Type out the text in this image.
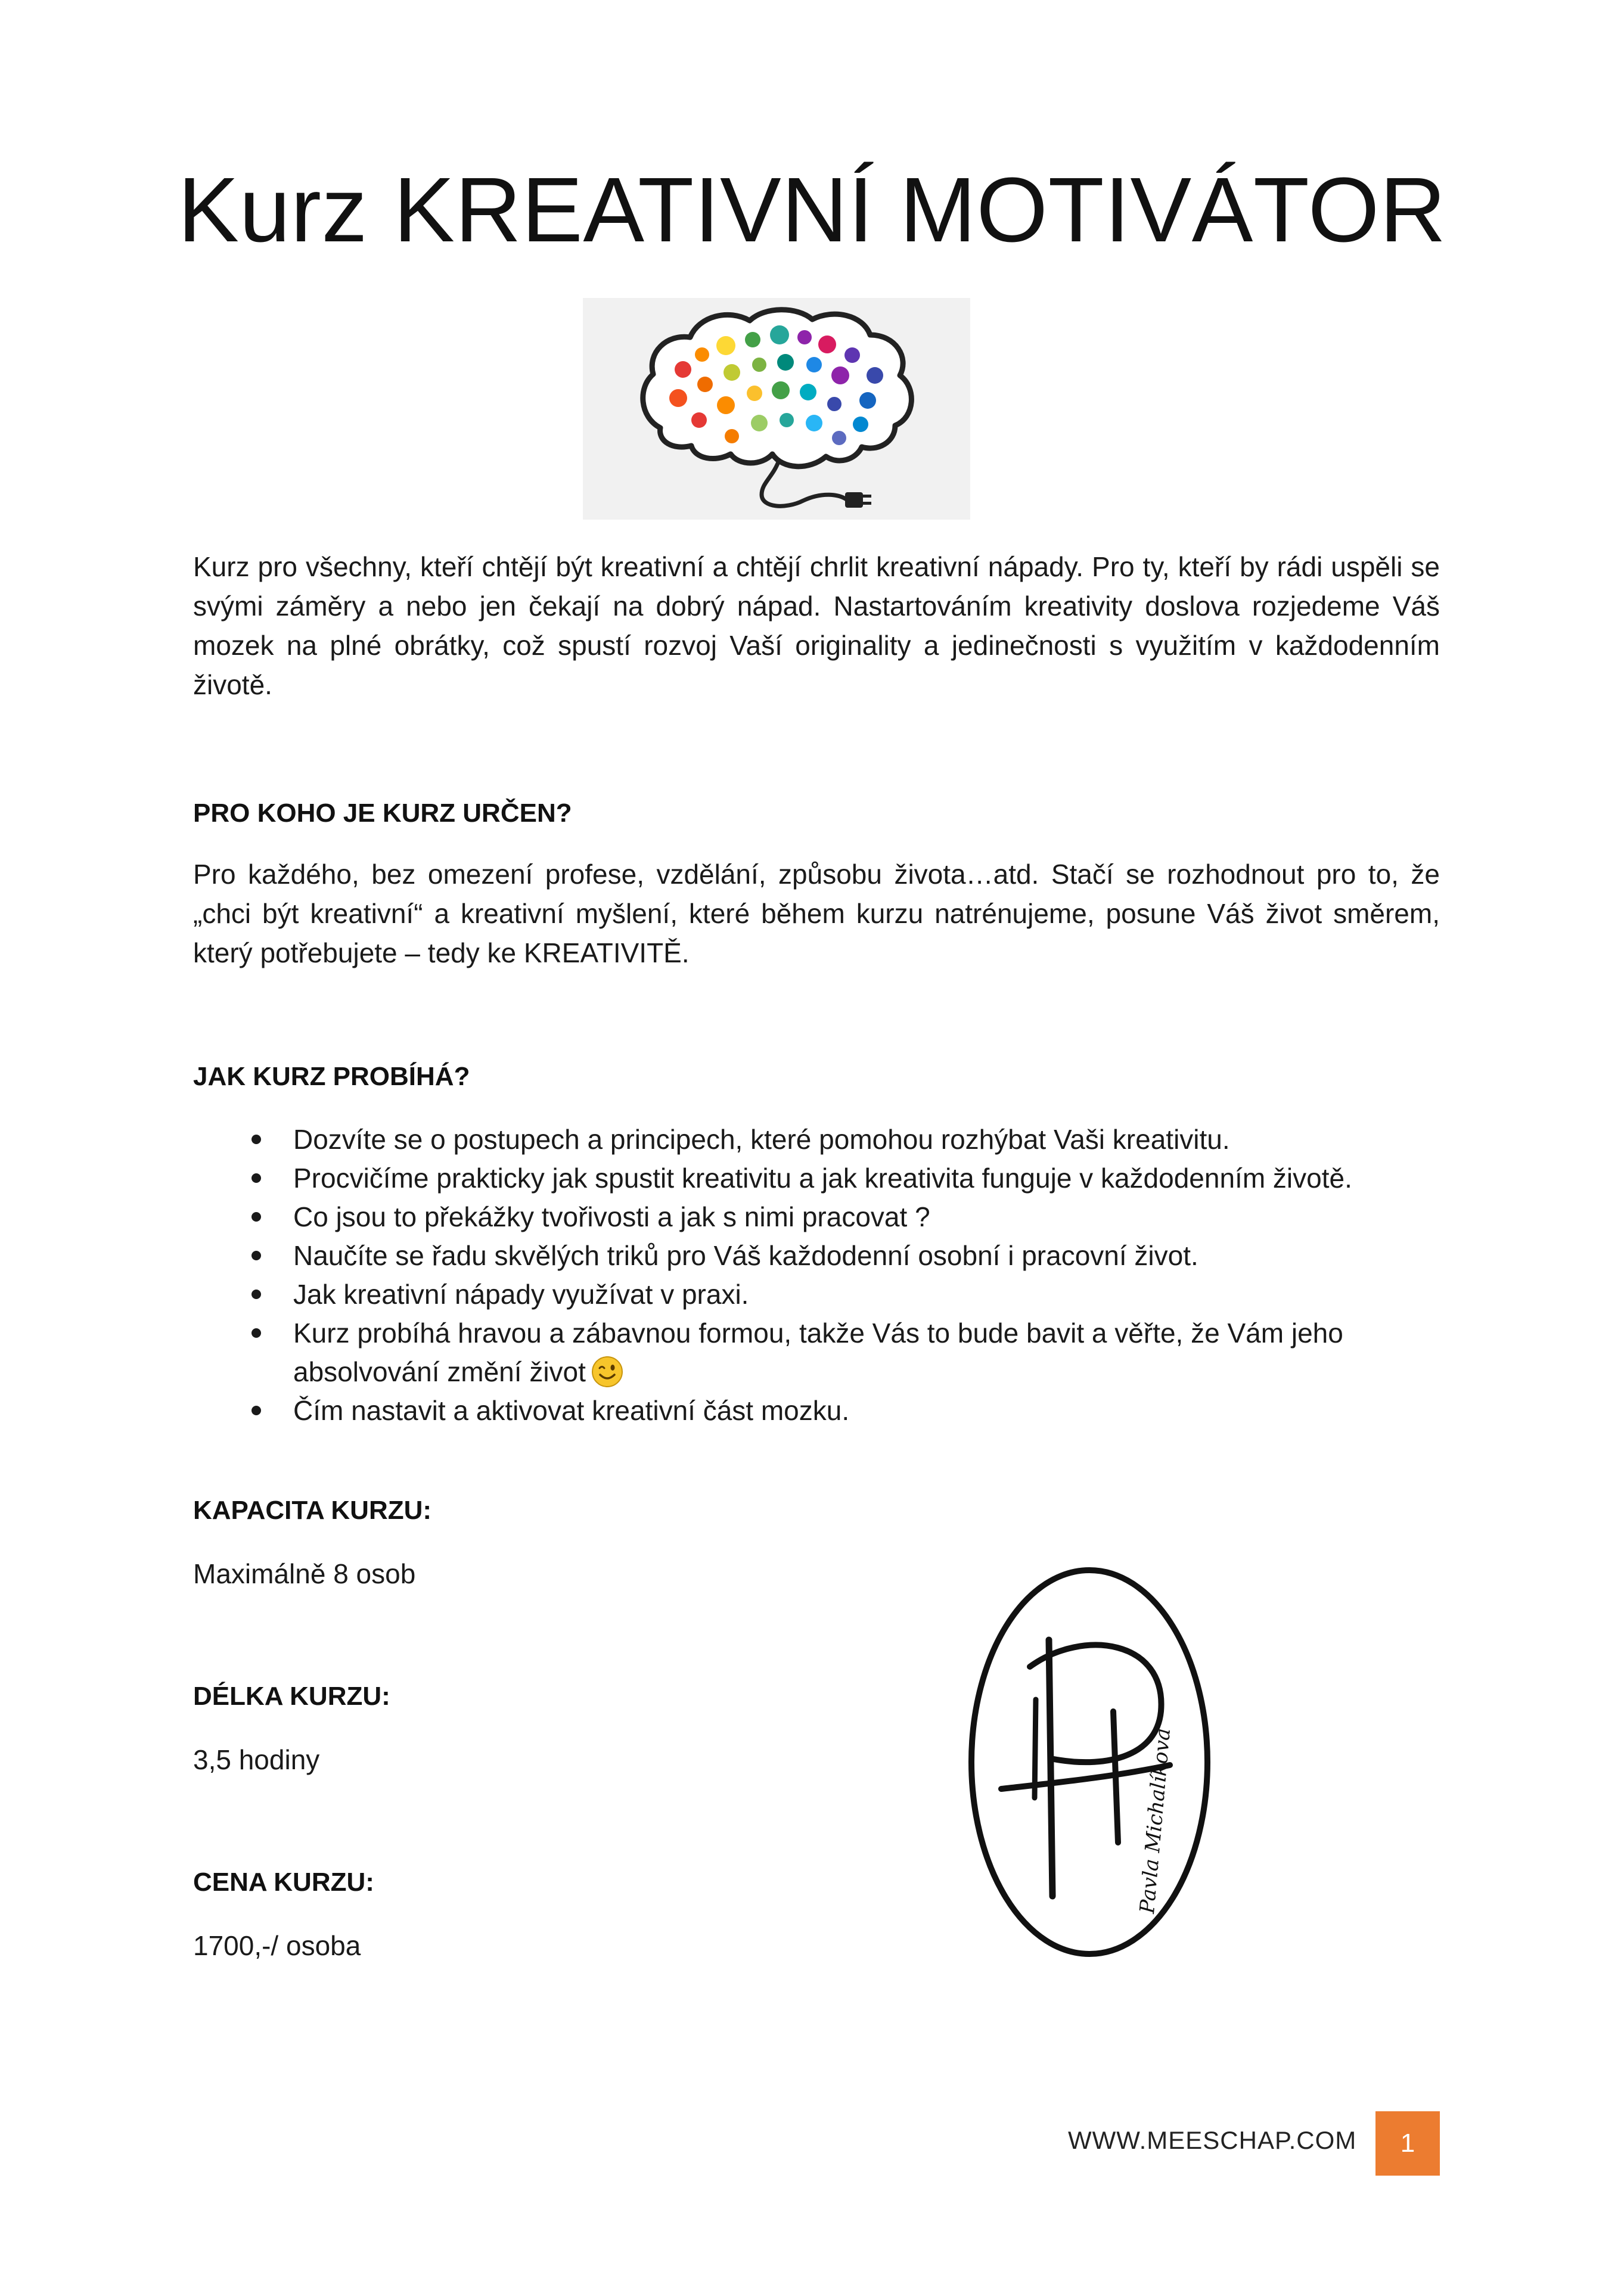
Kurz KREATIVNÍ MOTIVÁTOR
Kurz pro všechny, kteří chtějí být kreativní a chtějí chrlit kreativní nápady. Pro ty, kteří by rádi uspěli se svými záměry a nebo jen čekají na dobrý nápad. Nastartováním kreativity doslova rozjedeme Váš mozek na plné obrátky, což spustí rozvoj Vaší originality a jedinečnosti s využitím v každodenním životě.
PRO KOHO JE KURZ URČEN?
Pro každého, bez omezení profese, vzdělání, způsobu života…atd. Stačí se rozhodnout pro to, že „chci být kreativní“ a kreativní myšlení, které během kurzu natrénujeme, posune Váš život směrem, který potřebujete – tedy ke KREATIVITĚ.
JAK KURZ PROBÍHÁ?
Dozvíte se o postupech a principech, které pomohou rozhýbat Vaši kreativitu.
Procvičíme prakticky jak spustit kreativitu a jak kreativita funguje v každodenním životě.
Co jsou to překážky tvořivosti a jak s nimi pracovat ?
Naučíte se řadu skvělých triků pro Váš každodenní osobní i pracovní život.
Jak kreativní nápady využívat v praxi.
Kurz probíhá hravou a zábavnou formou, takže Vás to bude bavit a věřte, že Vám jeho absolvování změní život
Čím nastavit a aktivovat kreativní část mozku.
KAPACITA KURZU:
Maximálně 8 osob
DÉLKA KURZU:
3,5 hodiny
CENA KURZU:
1700,-/ osoba
Pavla Michalíková
WWW.MEESCHAP.COM	1
